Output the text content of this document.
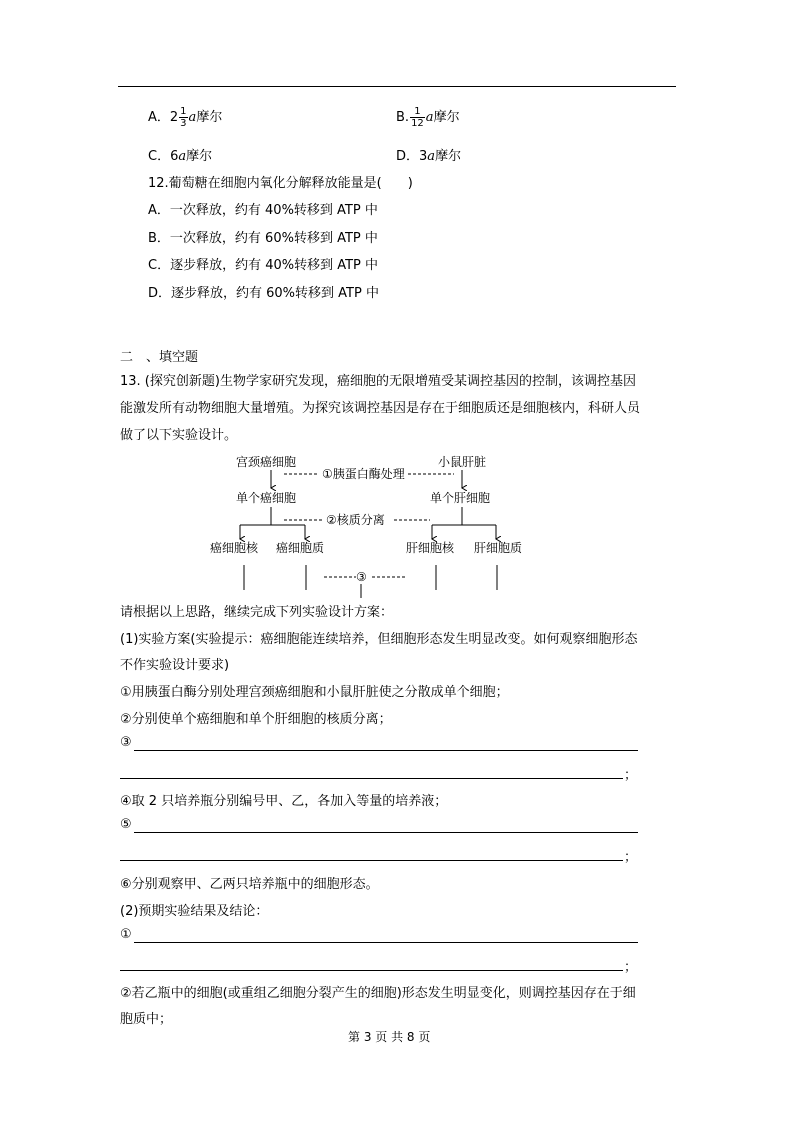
A．$2 \frac{1}{3}$ a摩尔	B. $\frac{1}{12}$ a摩尔
C．6a摩尔	D．3a摩尔
12.葡萄糖在细胞内氧化分解释放能量是(　　)
A．一次释放，约有 40%转移到 ATP 中
B．一次释放，约有 60%转移到 ATP 中
C．逐步释放，约有 40%转移到 ATP 中
D．逐步释放，约有 60%转移到 ATP 中
二　、填空题
13. (探究创新题)生物学家研究发现，癌细胞的无限增殖受某调控基因的控制，该调控基因
能激发所有动物细胞大量增殖。为探究该调控基因是存在于细胞质还是细胞核内，科研人员
做了以下实验设计。
宫颈癌细胞	小鼠肝脏
①胰蛋白酶处理
单个癌细胞	单个肝细胞
②核质分离
癌细胞核 癌细胞质	肝细胞核 肝细胞质
③
请根据以上思路，继续完成下列实验设计方案：
(1)实验方案(实验提示：癌细胞能连续培养，但细胞形态发生明显改变。如何观察细胞形态
不作实验设计要求)
①用胰蛋白酶分别处理宫颈癌细胞和小鼠肝脏使之分散成单个细胞；
②分别使单个癌细胞和单个肝细胞的核质分离；
③
；
④取 2 只培养瓶分别编号甲、乙，各加入等量的培养液；
⑤
；
⑥分别观察甲、乙两只培养瓶中的细胞形态。
(2)预期实验结果及结论：
①
；
②若乙瓶中的细胞(或重组乙细胞分裂产生的细胞)形态发生明显变化，则调控基因存在于细
胞质中；
第 3 页 共 8 页
